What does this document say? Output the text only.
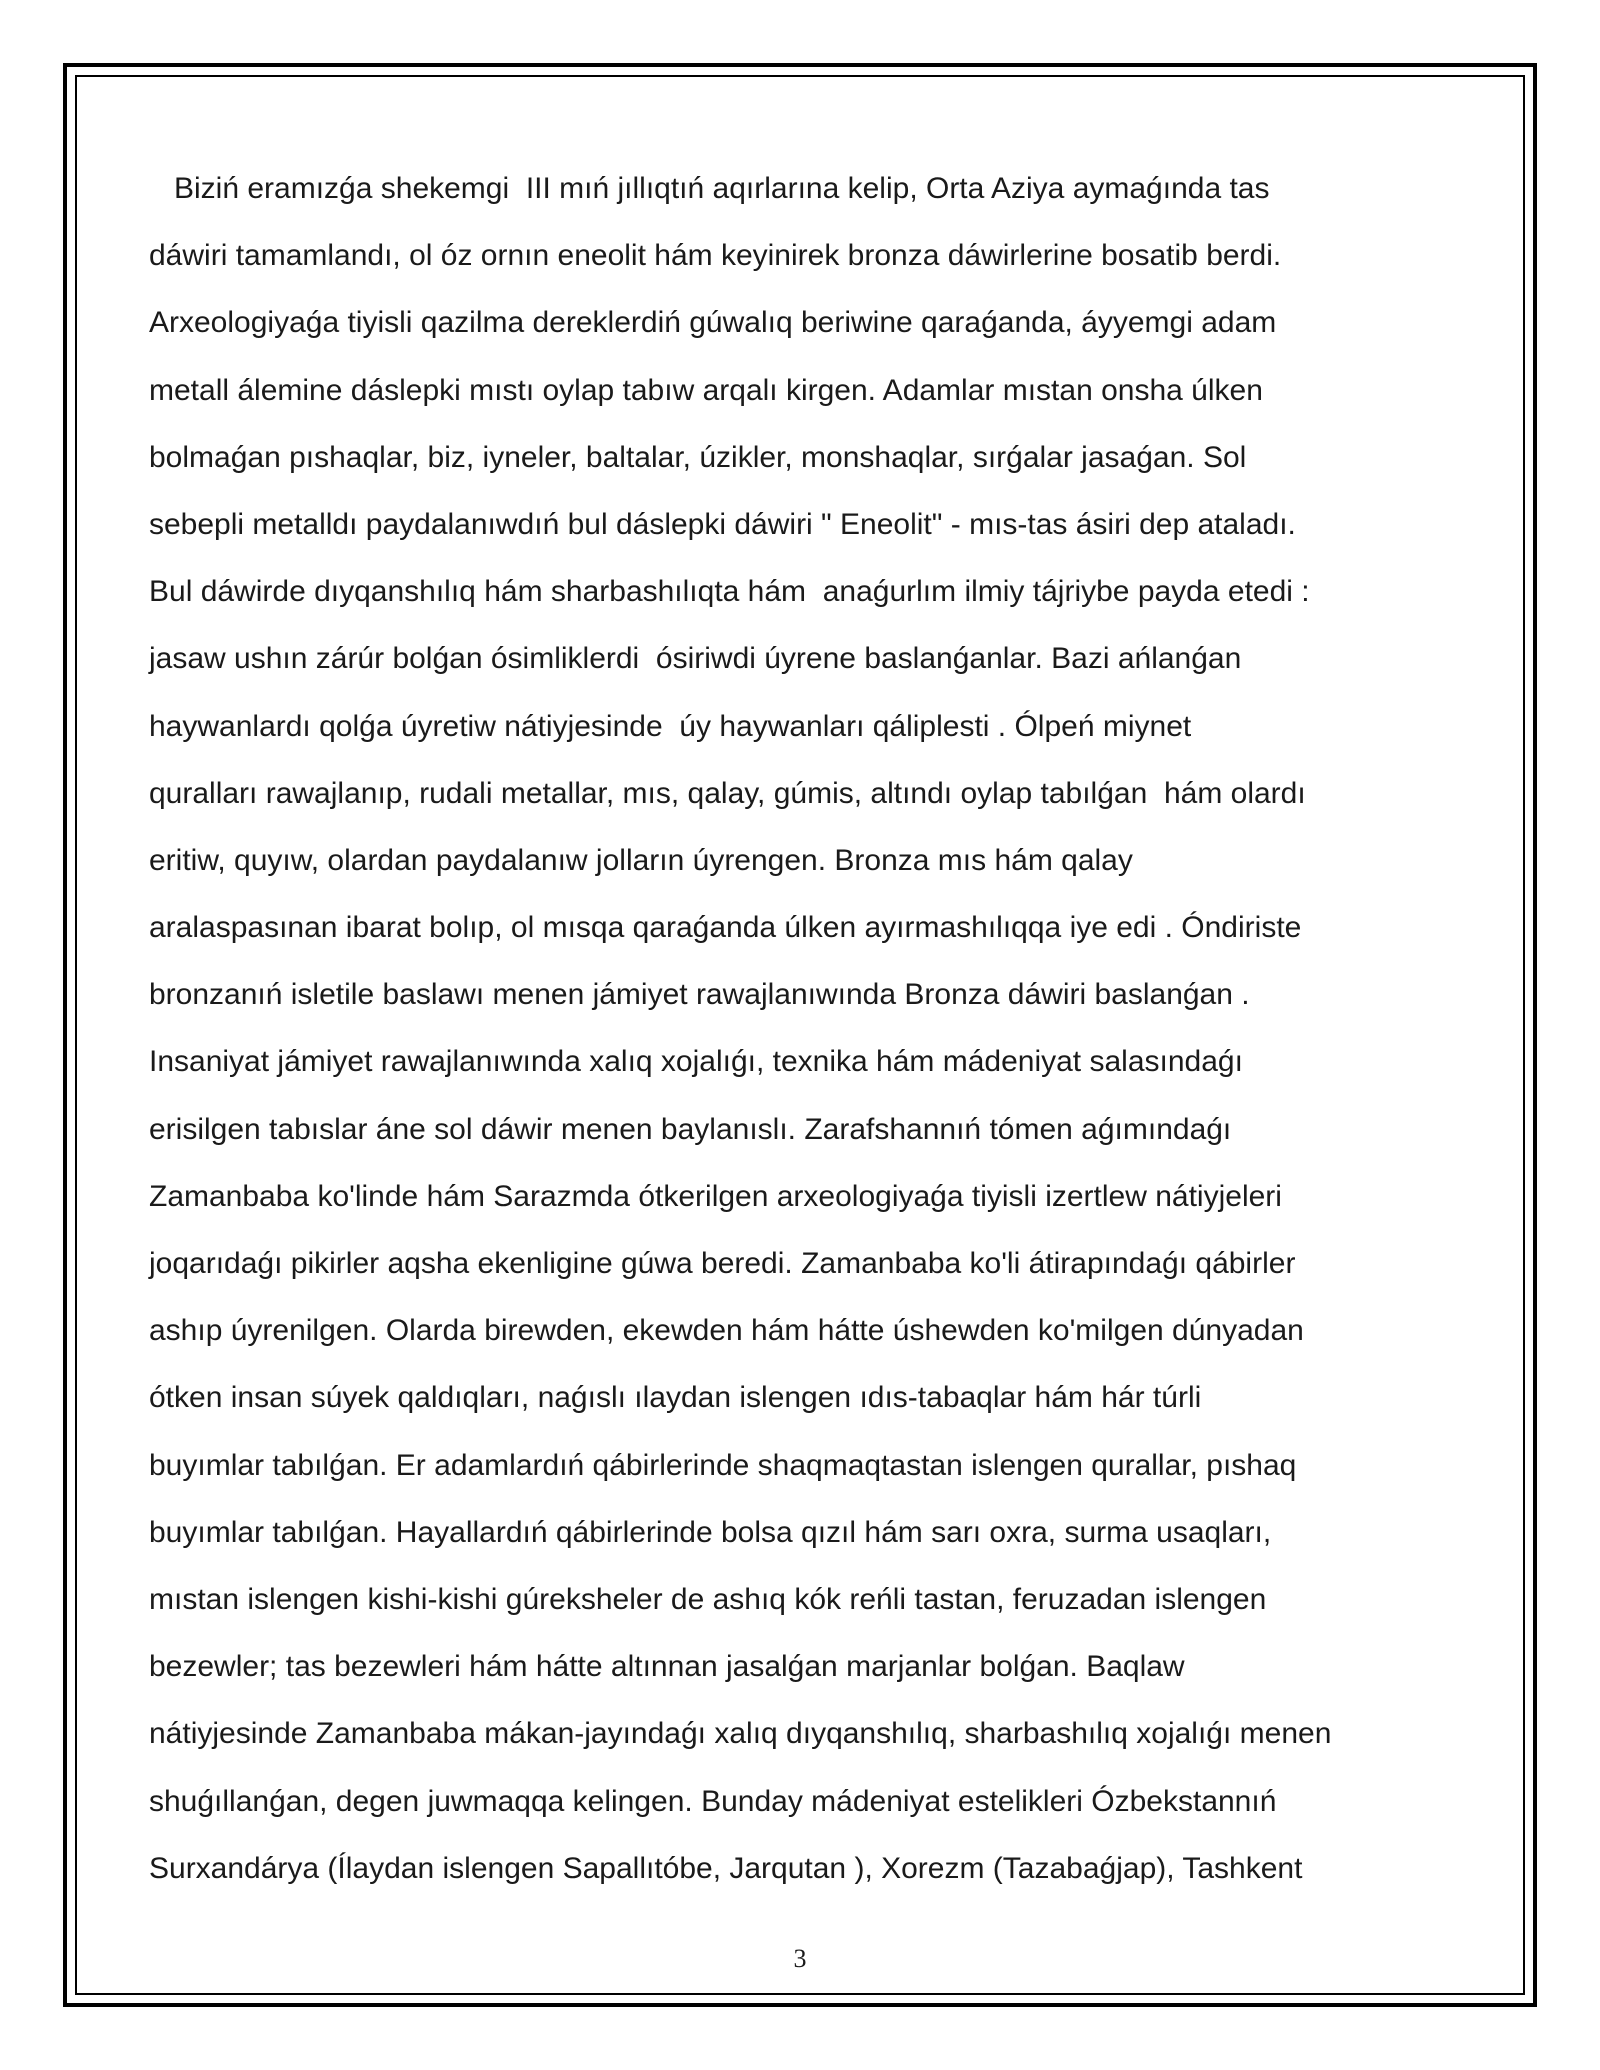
Biziń eramızǵa shekemgi  III mıń jıllıqtıń aqırlarına kelip, Orta Aziya aymaǵında tas
dáwiri tamamlandı, ol óz ornın eneolit hám keyinirek bronza dáwirlerine bosatib berdi.
Arxeologiyaǵa tiyisli qazilma dereklerdiń gúwalıq beriwine qaraǵanda, áyyemgi adam
metall álemine dáslepki mıstı oylap tabıw arqalı kirgen. Adamlar mıstan onsha úlken
bolmaǵan pıshaqlar, biz, iyneler, baltalar, úzikler, monshaqlar, sırǵalar jasaǵan. Sol
sebepli metalldı paydalanıwdıń bul dáslepki dáwiri " Eneolit" - mıs-tas ásiri dep ataladı.
Bul dáwirde dıyqanshılıq hám sharbashılıqta hám  anaǵurlım ilmiy tájriybe payda etedi :
jasaw ushın zárúr bolǵan ósimliklerdi  ósiriwdi úyrene baslanǵanlar. Bazi ańlanǵan
haywanlardı qolǵa úyretiw nátiyjesinde  úy haywanları qáliplesti . Ólpeń miynet
quralları rawajlanıp, rudali metallar, mıs, qalay, gúmis, altındı oylap tabılǵan  hám olardı
eritiw, quyıw, olardan paydalanıw jolların úyrengen. Bronza mıs hám qalay
aralaspasınan ibarat bolıp, ol mısqa qaraǵanda úlken ayırmashılıqqa iye edi . Óndiriste
bronzanıń isletile baslawı menen jámiyet rawajlanıwında Bronza dáwiri baslanǵan .
Insaniyat jámiyet rawajlanıwında xalıq xojalıǵı, texnika hám mádeniyat salasındaǵı
erisilgen tabıslar áne sol dáwir menen baylanıslı. Zarafshannıń tómen aǵımındaǵı
Zamanbaba ko'linde hám Sarazmda ótkerilgen arxeologiyaǵa tiyisli izertlew nátiyjeleri
joqarıdaǵı pikirler aqsha ekenligine gúwa beredi. Zamanbaba ko'li átirapındaǵı qábirler
ashıp úyrenilgen. Olarda birewden, ekewden hám hátte úshewden ko'milgen dúnyadan
ótken insan súyek qaldıqları, naǵıslı ılaydan islengen ıdıs-tabaqlar hám hár túrli
buyımlar tabılǵan. Er adamlardıń qábirlerinde shaqmaqtastan islengen qurallar, pıshaq
buyımlar tabılǵan. Hayallardıń qábirlerinde bolsa qızıl hám sarı oxra, surma usaqları,
mıstan islengen kishi-kishi gúreksheler de ashıq kók reńli tastan, feruzadan islengen
bezewler; tas bezewleri hám hátte altınnan jasalǵan marjanlar bolǵan. Baqlaw
nátiyjesinde Zamanbaba mákan-jayındaǵı xalıq dıyqanshılıq, sharbashılıq xojalıǵı menen
shuǵıllanǵan, degen juwmaqqa kelingen. Bunday mádeniyat estelikleri Ózbekstannıń
Surxandárya (Ílaydan islengen Sapallıtóbe, Jarqutan ), Xorezm (Tazabaǵjap), Tashkent
3
